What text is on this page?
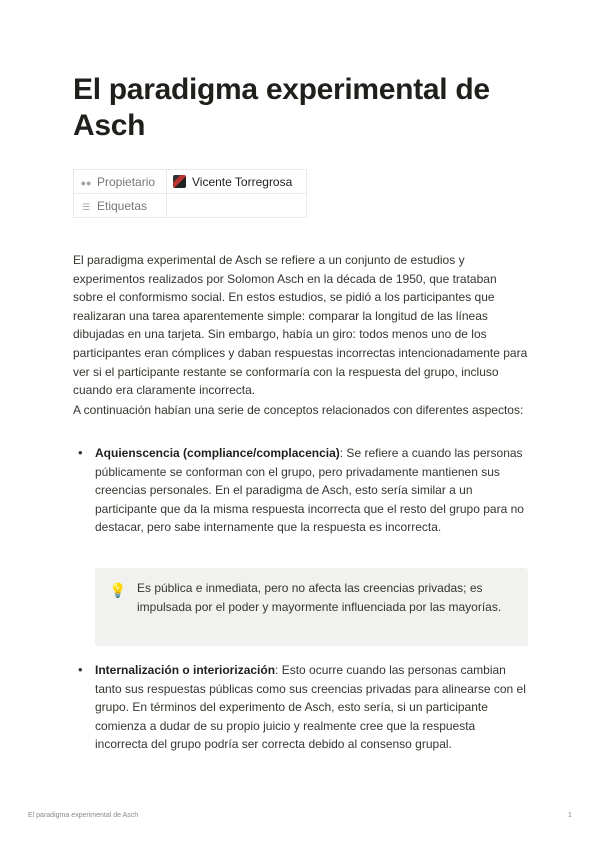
El paradigma experimental de Asch
●● Propietario	Vicente Torregrosa
☰ Etiquetas	

El paradigma experimental de Asch se refiere a un conjunto de estudios y experimentos realizados por Solomon Asch en la década de 1950, que trataban sobre el conformismo social. En estos estudios, se pidió a los participantes que realizaran una tarea aparentemente simple: comparar la longitud de las líneas dibujadas en una tarjeta. Sin embargo, había un giro: todos menos uno de los participantes eran cómplices y daban respuestas incorrectas intencionadamente para ver si el participante restante se conformaría con la respuesta del grupo, incluso cuando era claramente incorrecta.

A continuación habían una serie de conceptos relacionados con diferentes aspectos:

• Aquienscencia (compliance/complacencia): Se refiere a cuando las personas públicamente se conforman con el grupo, pero privadamente mantienen sus creencias personales. En el paradigma de Asch, esto sería similar a un participante que da la misma respuesta incorrecta que el resto del grupo para no destacar, pero sabe internamente que la respuesta es incorrecta.

💡 Es pública e inmediata, pero no afecta las creencias privadas; es impulsada por el poder y mayormente influenciada por las mayorías.

• Internalización o interiorización: Esto ocurre cuando las personas cambian tanto sus respuestas públicas como sus creencias privadas para alinearse con el grupo. En términos del experimento de Asch, esto sería, si un participante comienza a dudar de su propio juicio y realmente cree que la respuesta incorrecta del grupo podría ser correcta debido al consenso grupal.

El paradigma experimental de Asch	1
